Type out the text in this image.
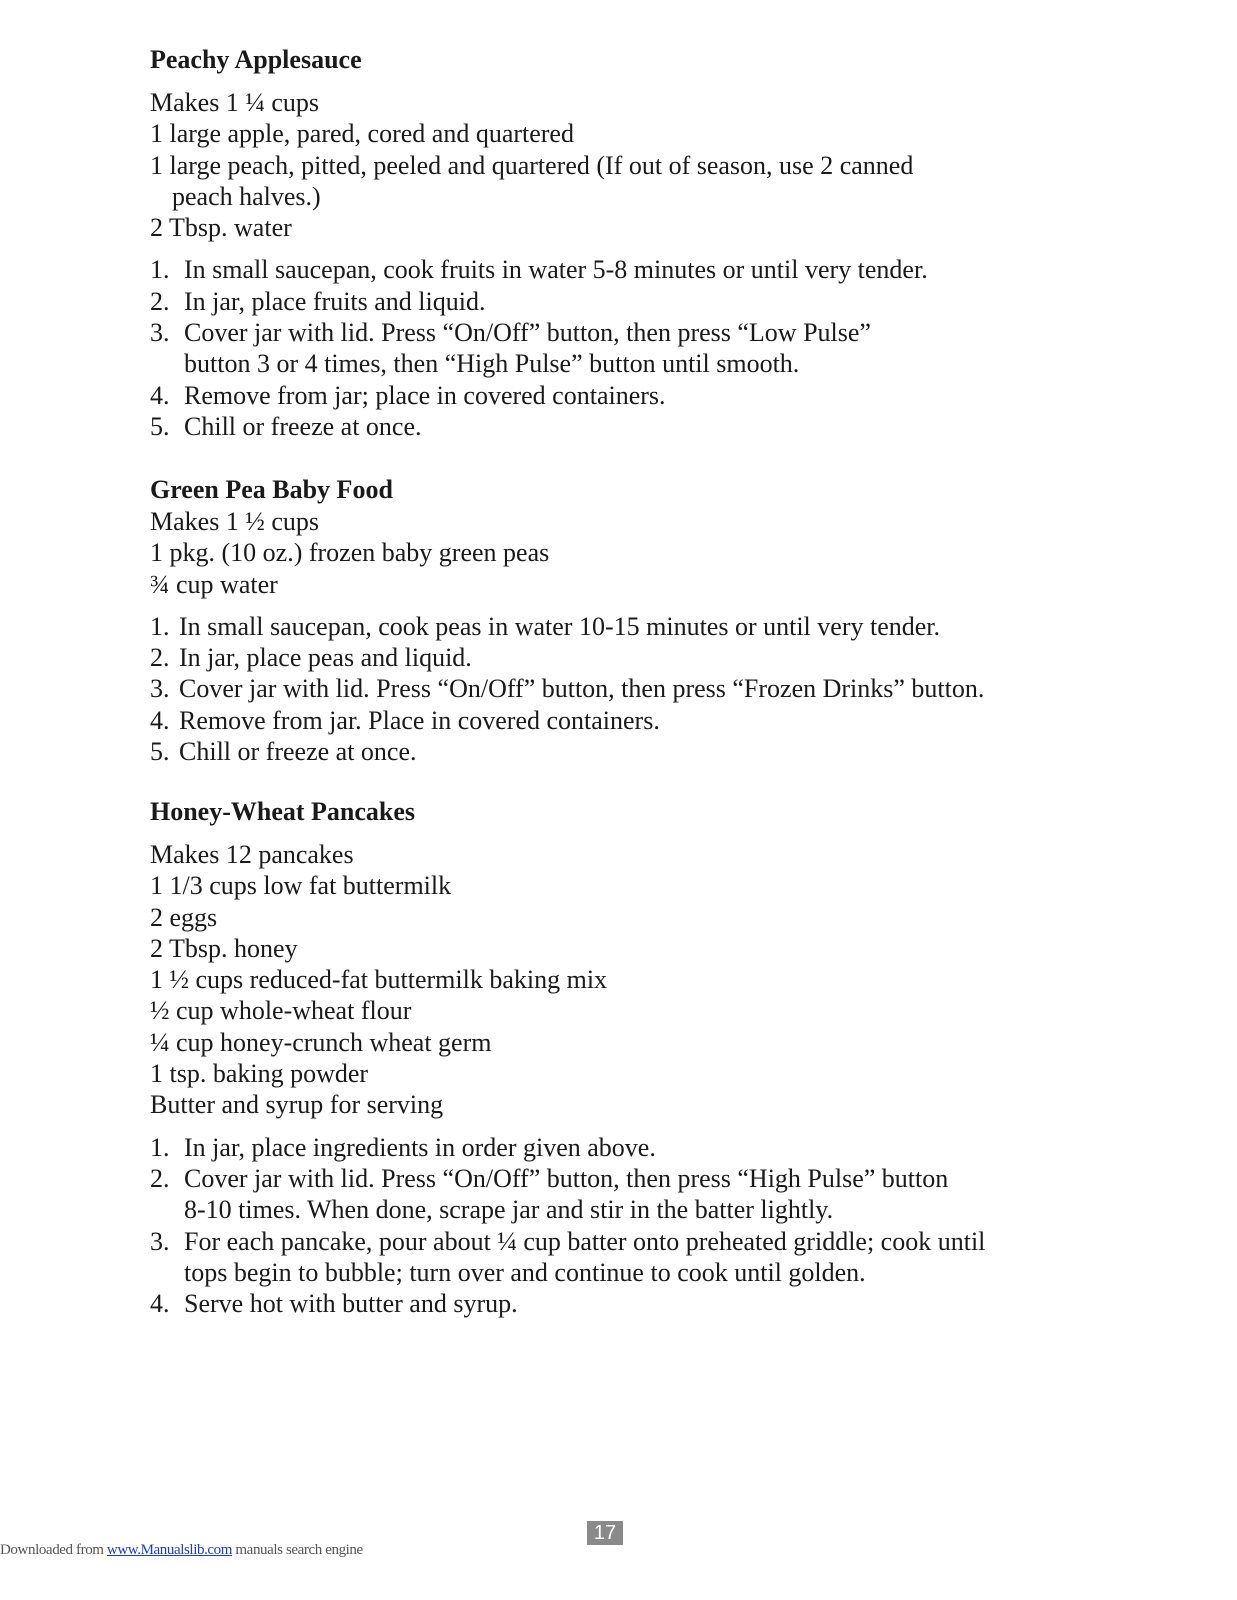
Peachy Applesauce

Makes 1 ¼ cups

1 large apple, pared, cored and quartered

1 large peach, pitted, peeled and quartered (If out of season, use 2 canned

peach halves.)

2 Tbsp. water

1. In small saucepan, cook fruits in water 5-8 minutes or until very tender.
2. In jar, place fruits and liquid.
3. Cover jar with lid. Press “On/Off” button, then press “Low Pulse”
button 3 or 4 times, then “High Pulse” button until smooth.
4. Remove from jar; place in covered containers.
5. Chill or freeze at once.
Green Pea Baby Food

Makes 1 ½ cups

1 pkg. (10 oz.) frozen baby green peas

¾ cup water

1. In small saucepan, cook peas in water 10-15 minutes or until very tender.
2. In jar, place peas and liquid.
3. Cover jar with lid. Press “On/Off” button, then press “Frozen Drinks” button.
4. Remove from jar. Place in covered containers.
5. Chill or freeze at once.
Honey-Wheat Pancakes

Makes 12 pancakes

1 1/3 cups low fat buttermilk

2 eggs

2 Tbsp. honey

1 ½ cups reduced-fat buttermilk baking mix

½ cup whole-wheat flour

¼ cup honey-crunch wheat germ

1 tsp. baking powder

Butter and syrup for serving

1. In jar, place ingredients in order given above.
2. Cover jar with lid. Press “On/Off” button, then press “High Pulse” button
8-10 times. When done, scrape jar and stir in the batter lightly.
3. For each pancake, pour about ¼ cup batter onto preheated griddle; cook until
tops begin to bubble; turn over and continue to cook until golden.
4. Serve hot with butter and syrup.
17
Downloaded from www.Manualslib.com manuals search engine
